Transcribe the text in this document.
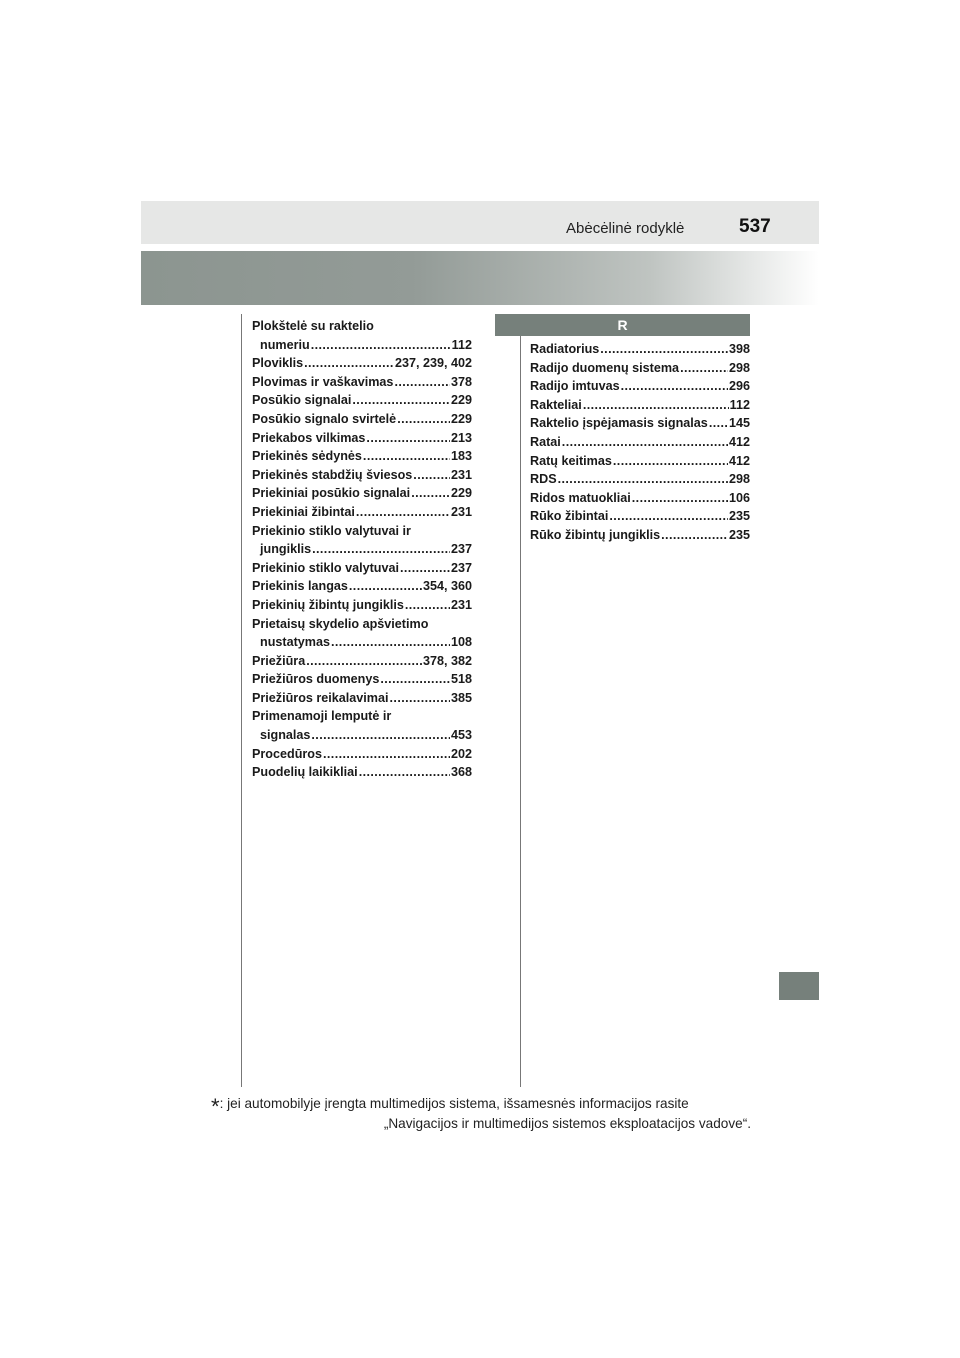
Abėcėlinė rodyklė	537
R
Plokštelė su raktelio
numeriu .....	112
Ploviklis .....	237, 239, 402
Plovimas ir vaškavimas .....	378
Posūkio signalai .....	229
Posūkio signalo svirtelė .....	229
Priekabos vilkimas .....	213
Priekinės sėdynės .....	183
Priekinės stabdžių šviesos .....	231
Priekiniai posūkio signalai .....	229
Priekiniai žibintai .....	231
Priekinio stiklo valytuvai ir
jungiklis .....	237
Priekinio stiklo valytuvai .....	237
Priekinis langas .....	354, 360
Priekinių žibintų jungiklis .....	231
Prietaisų skydelio apšvietimo
nustatymas .....	108
Priežiūra .....	378, 382
Priežiūros duomenys .....	518
Priežiūros reikalavimai .....	385
Primenamoji lemputė ir
signalas .....	453
Procedūros .....	202
Puodelių laikikliai .....	368
Radiatorius .....	398
Radijo duomenų sistema .....	298
Radijo imtuvas .....	296
Rakteliai .....	112
Raktelio įspėjamasis signalas ..... 145
Ratai .....	412
Ratų keitimas .....	412
RDS .....	298
Ridos matuokliai .....	106
Rūko žibintai .....	235
Rūko žibintų jungiklis .....	235
*: jei automobilyje įrengta multimedijos sistema, išsamesnės informacijos rasite
„Navigacijos ir multimedijos sistemos eksploatacijos vadove“.
